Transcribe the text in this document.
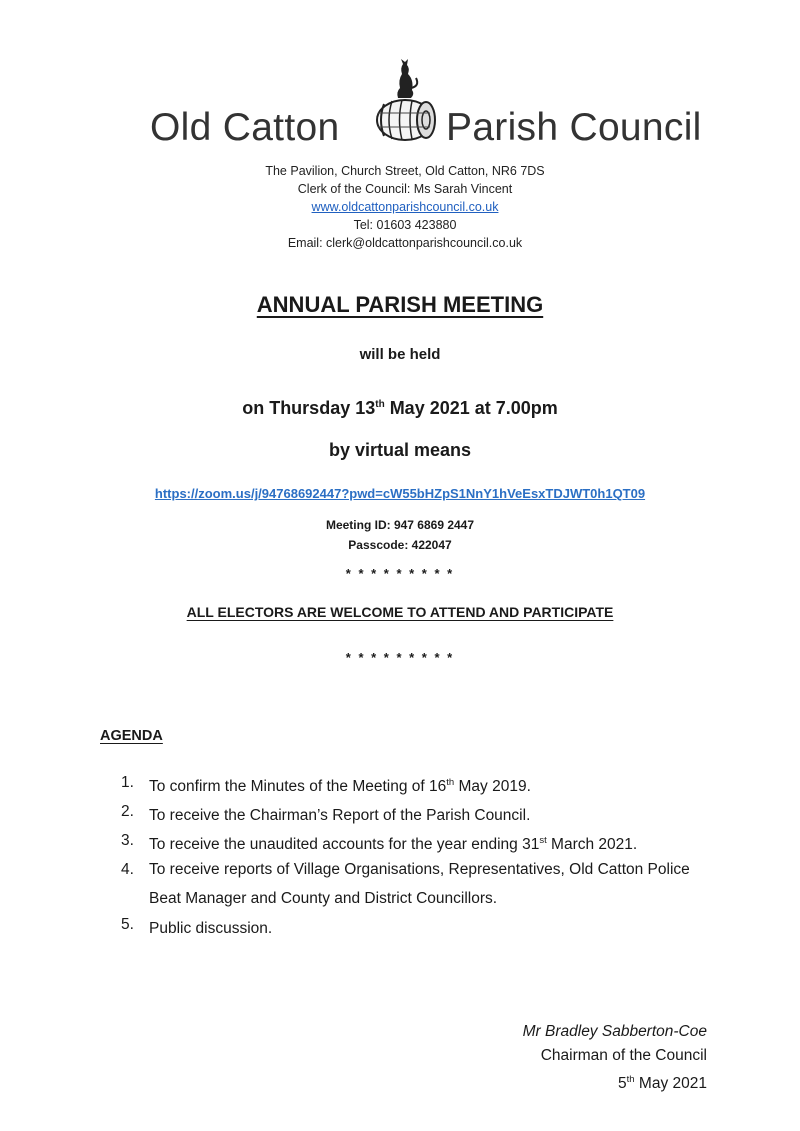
Old Catton	Parish Council
The Pavilion, Church Street, Old Catton, NR6 7DS
Clerk of the Council: Ms Sarah Vincent
www.oldcattonparishcouncil.co.uk
Tel: 01603 423880
Email: clerk@oldcattonparishcouncil.co.uk
ANNUAL PARISH MEETING
will be held
on Thursday 13th May 2021 at 7.00pm
by virtual means
https://zoom.us/j/94768692447?pwd=cW55bHZpS1NnY1hVeEsxTDJWT0h1QT09
Meeting ID: 947 6869 2447
Passcode: 422047
* * * * * * * * *
ALL ELECTORS ARE WELCOME TO ATTEND AND PARTICIPATE
* * * * * * * * *
AGENDA
1. To confirm the Minutes of the Meeting of 16th May 2019.
2. To receive the Chairman’s Report of the Parish Council.
3. To receive the unaudited accounts for the year ending 31st March 2021.
4. To receive reports of Village Organisations, Representatives, Old Catton Police Beat Manager and County and District Councillors.
5. Public discussion.
Mr Bradley Sabberton-Coe
Chairman of the Council
5th May 2021
